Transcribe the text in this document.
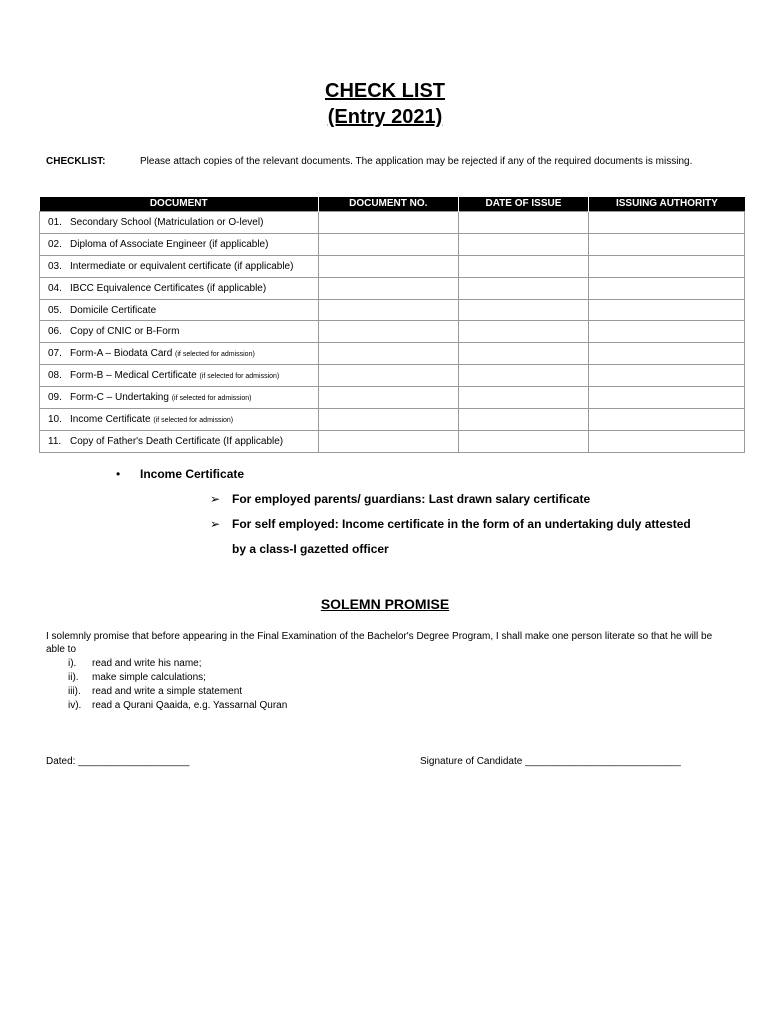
CHECK LIST
(Entry 2021)
CHECKLIST:	Please attach copies of the relevant documents. The application may be rejected if any of the required documents is missing.
DOCUMENT	DOCUMENT NO.	DATE OF ISSUE	ISSUING AUTHORITY
01. Secondary School (Matriculation or O-level)			
02. Diploma of Associate Engineer (if applicable)			
03. Intermediate or equivalent certificate (if applicable)			
04. IBCC Equivalence Certificates (if applicable)			
05. Domicile Certificate			
06. Copy of CNIC or B-Form			
07. Form-A – Biodata Card (if selected for admission)			
08. Form-B – Medical Certificate (if selected for admission)			
09. Form-C – Undertaking (if selected for admission)			
10. Income Certificate (if selected for admission)			
11. Copy of Father's Death Certificate (If applicable)			
• Income Certificate
➢ For employed parents/ guardians: Last drawn salary certificate
➢ For self employed: Income certificate in the form of an undertaking duly attested
by a class-I gazetted officer
SOLEMN PROMISE
I solemnly promise that before appearing in the Final Examination of the Bachelor's Degree Program, I shall make one person literate so that he will be able to
i). read and write his name;
ii). make simple calculations;
iii). read and write a simple statement
iv). read a Qurani Qaaida, e.g. Yassarnal Quran
Dated: ____________________	Signature of Candidate ____________________________
